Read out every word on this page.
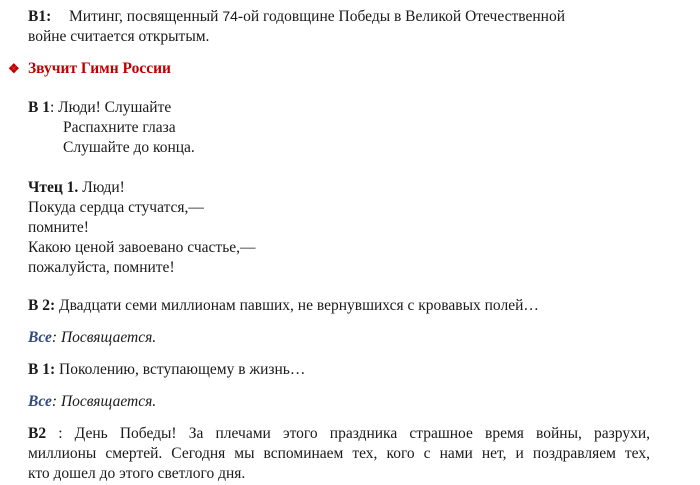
В1: Митинг, посвященный 74-ой годовщине Победы в Великой Отечественной
войне считается открытым.
❖ Звучит Гимн России
В 1: Люди! Слушайте
Распахните глаза
Слушайте до конца.
Чтец 1. Люди!
Покуда сердца стучатся,—
помните!
Какою ценой завоевано счастье,—
пожалуйста, помните!
В 2: Двадцати семи миллионам павших, не вернувшихся с кровавых полей…
Все: Посвящается.
В 1: Поколению, вступающему в жизнь…
Все: Посвящается.
В2 : День Победы! За плечами этого праздника страшное время войны, разрухи,
миллионы смертей. Сегодня мы вспоминаем тех, кого с нами нет, и поздравляем тех,
кто дошел до этого светлого дня.
